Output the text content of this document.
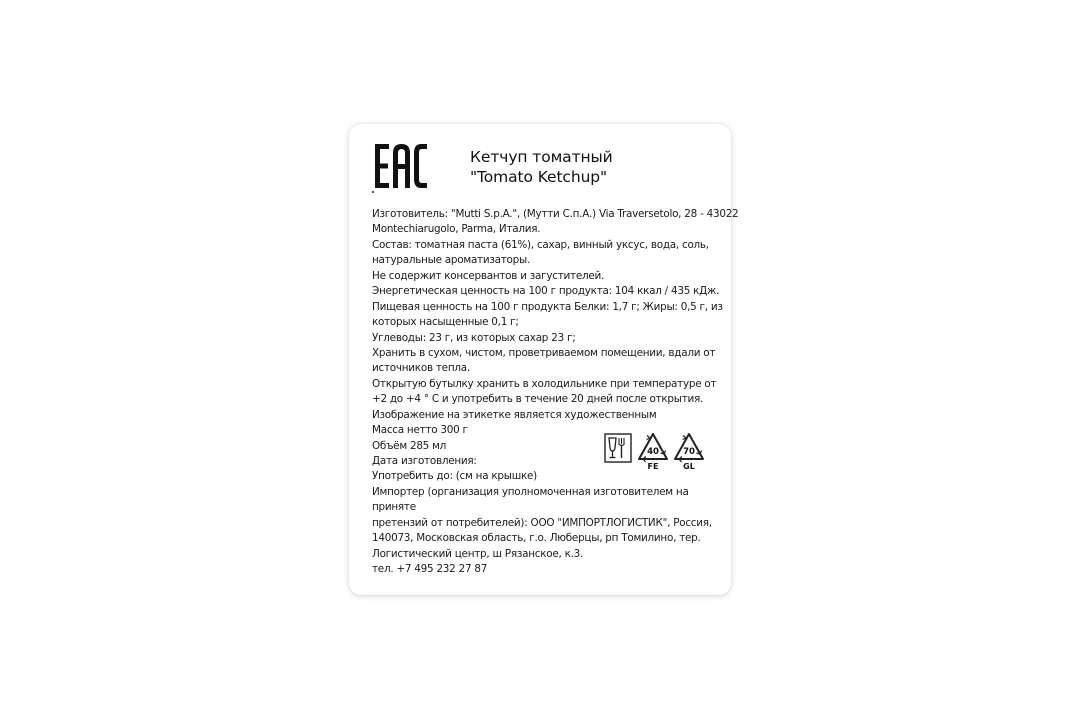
Кетчуп томатный
"Tomato Ketchup"
Изготовитель: "Mutti S.p.A.", (Мутти С.п.А.) Via Traversetolo, 28 - 43022
Montechiarugolo, Parma, Италия.
Состав: томатная паста (61%), сахар, винный уксус, вода, соль,
натуральные ароматизаторы.
Не содержит консервантов и загустителей.
Энергетическая ценность на 100 г продукта: 104 ккал / 435 кДж.
Пищевая ценность на 100 г продукта Белки: 1,7 г; Жиры: 0,5 г, из
которых насыщенные 0,1 г;
Углеводы: 23 г, из которых сахар 23 г;
Хранить в сухом, чистом, проветриваемом помещении, вдали от
источников тепла.
Открытую бутылку хранить в холодильнике при температуре от
+2 до +4 ° С и употребить в течение 20 дней после открытия.
Изображение на этикетке является художественным
Масса нетто 300 г
Объём 285 мл
Дата изготовления:
Употребить до: (см на крышке)
Импортер (организация уполномоченная изготовителем на
приняте
претензий от потребителей): ООО "ИМПОРТЛОГИСТИК", Россия,
140073, Московская область, г.о. Люберцы, рп Томилино, тер.
Логистический центр, ш Рязанское, к.3.
тел. +7 495 232 27 87
40
FE
70
GL
